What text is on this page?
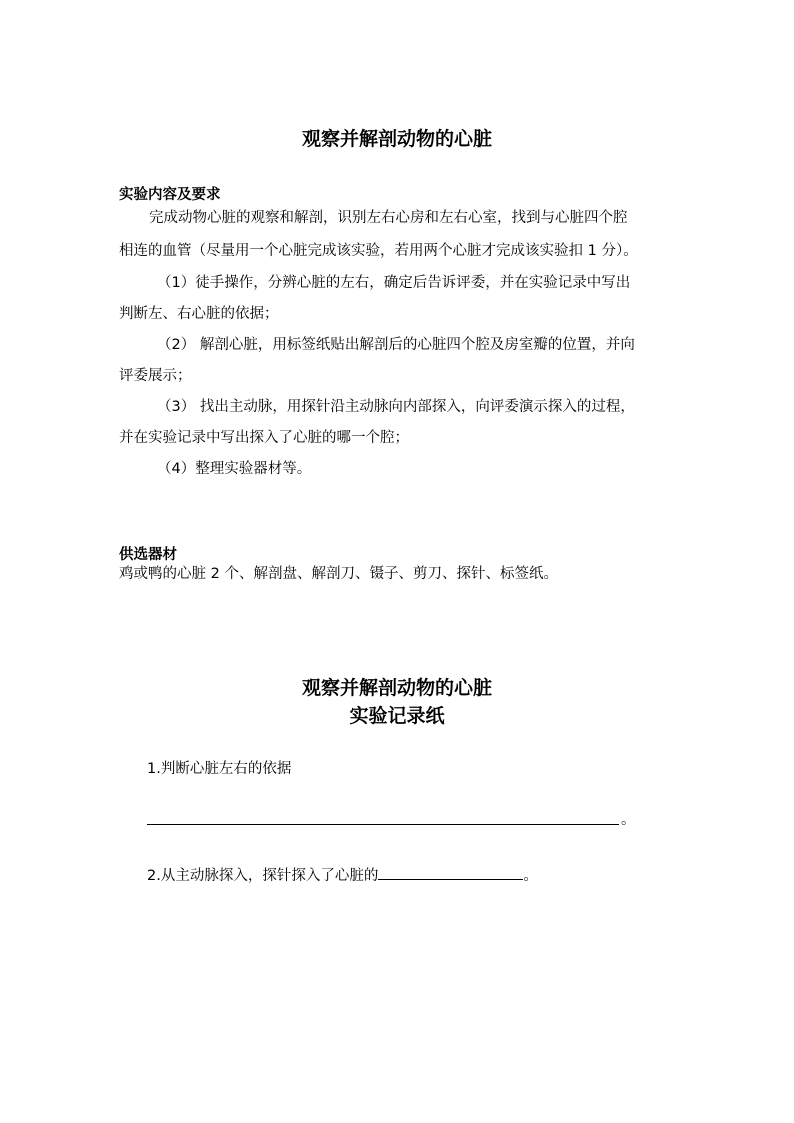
观察并解剖动物的心脏
实验内容及要求
完成动物心脏的观察和解剖，识别左右心房和左右心室，找到与心脏四个腔
相连的血管（尽量用一个心脏完成该实验，若用两个心脏才完成该实验扣 1 分）。
（1）徒手操作，分辨心脏的左右，确定后告诉评委，并在实验记录中写出
判断左、右心脏的依据；
（2） 解剖心脏，用标签纸贴出解剖后的心脏四个腔及房室瓣的位置，并向
评委展示；
（3） 找出主动脉，用探针沿主动脉向内部探入，向评委演示探入的过程，
并在实验记录中写出探入了心脏的哪一个腔；
（4）整理实验器材等。
供选器材
鸡或鸭的心脏 2 个、解剖盘、解剖刀、镊子、剪刀、探针、标签纸。
观察并解剖动物的心脏
实验记录纸
1.判断心脏左右的依据
。
2.从主动脉探入，探针探入了心脏的	。
